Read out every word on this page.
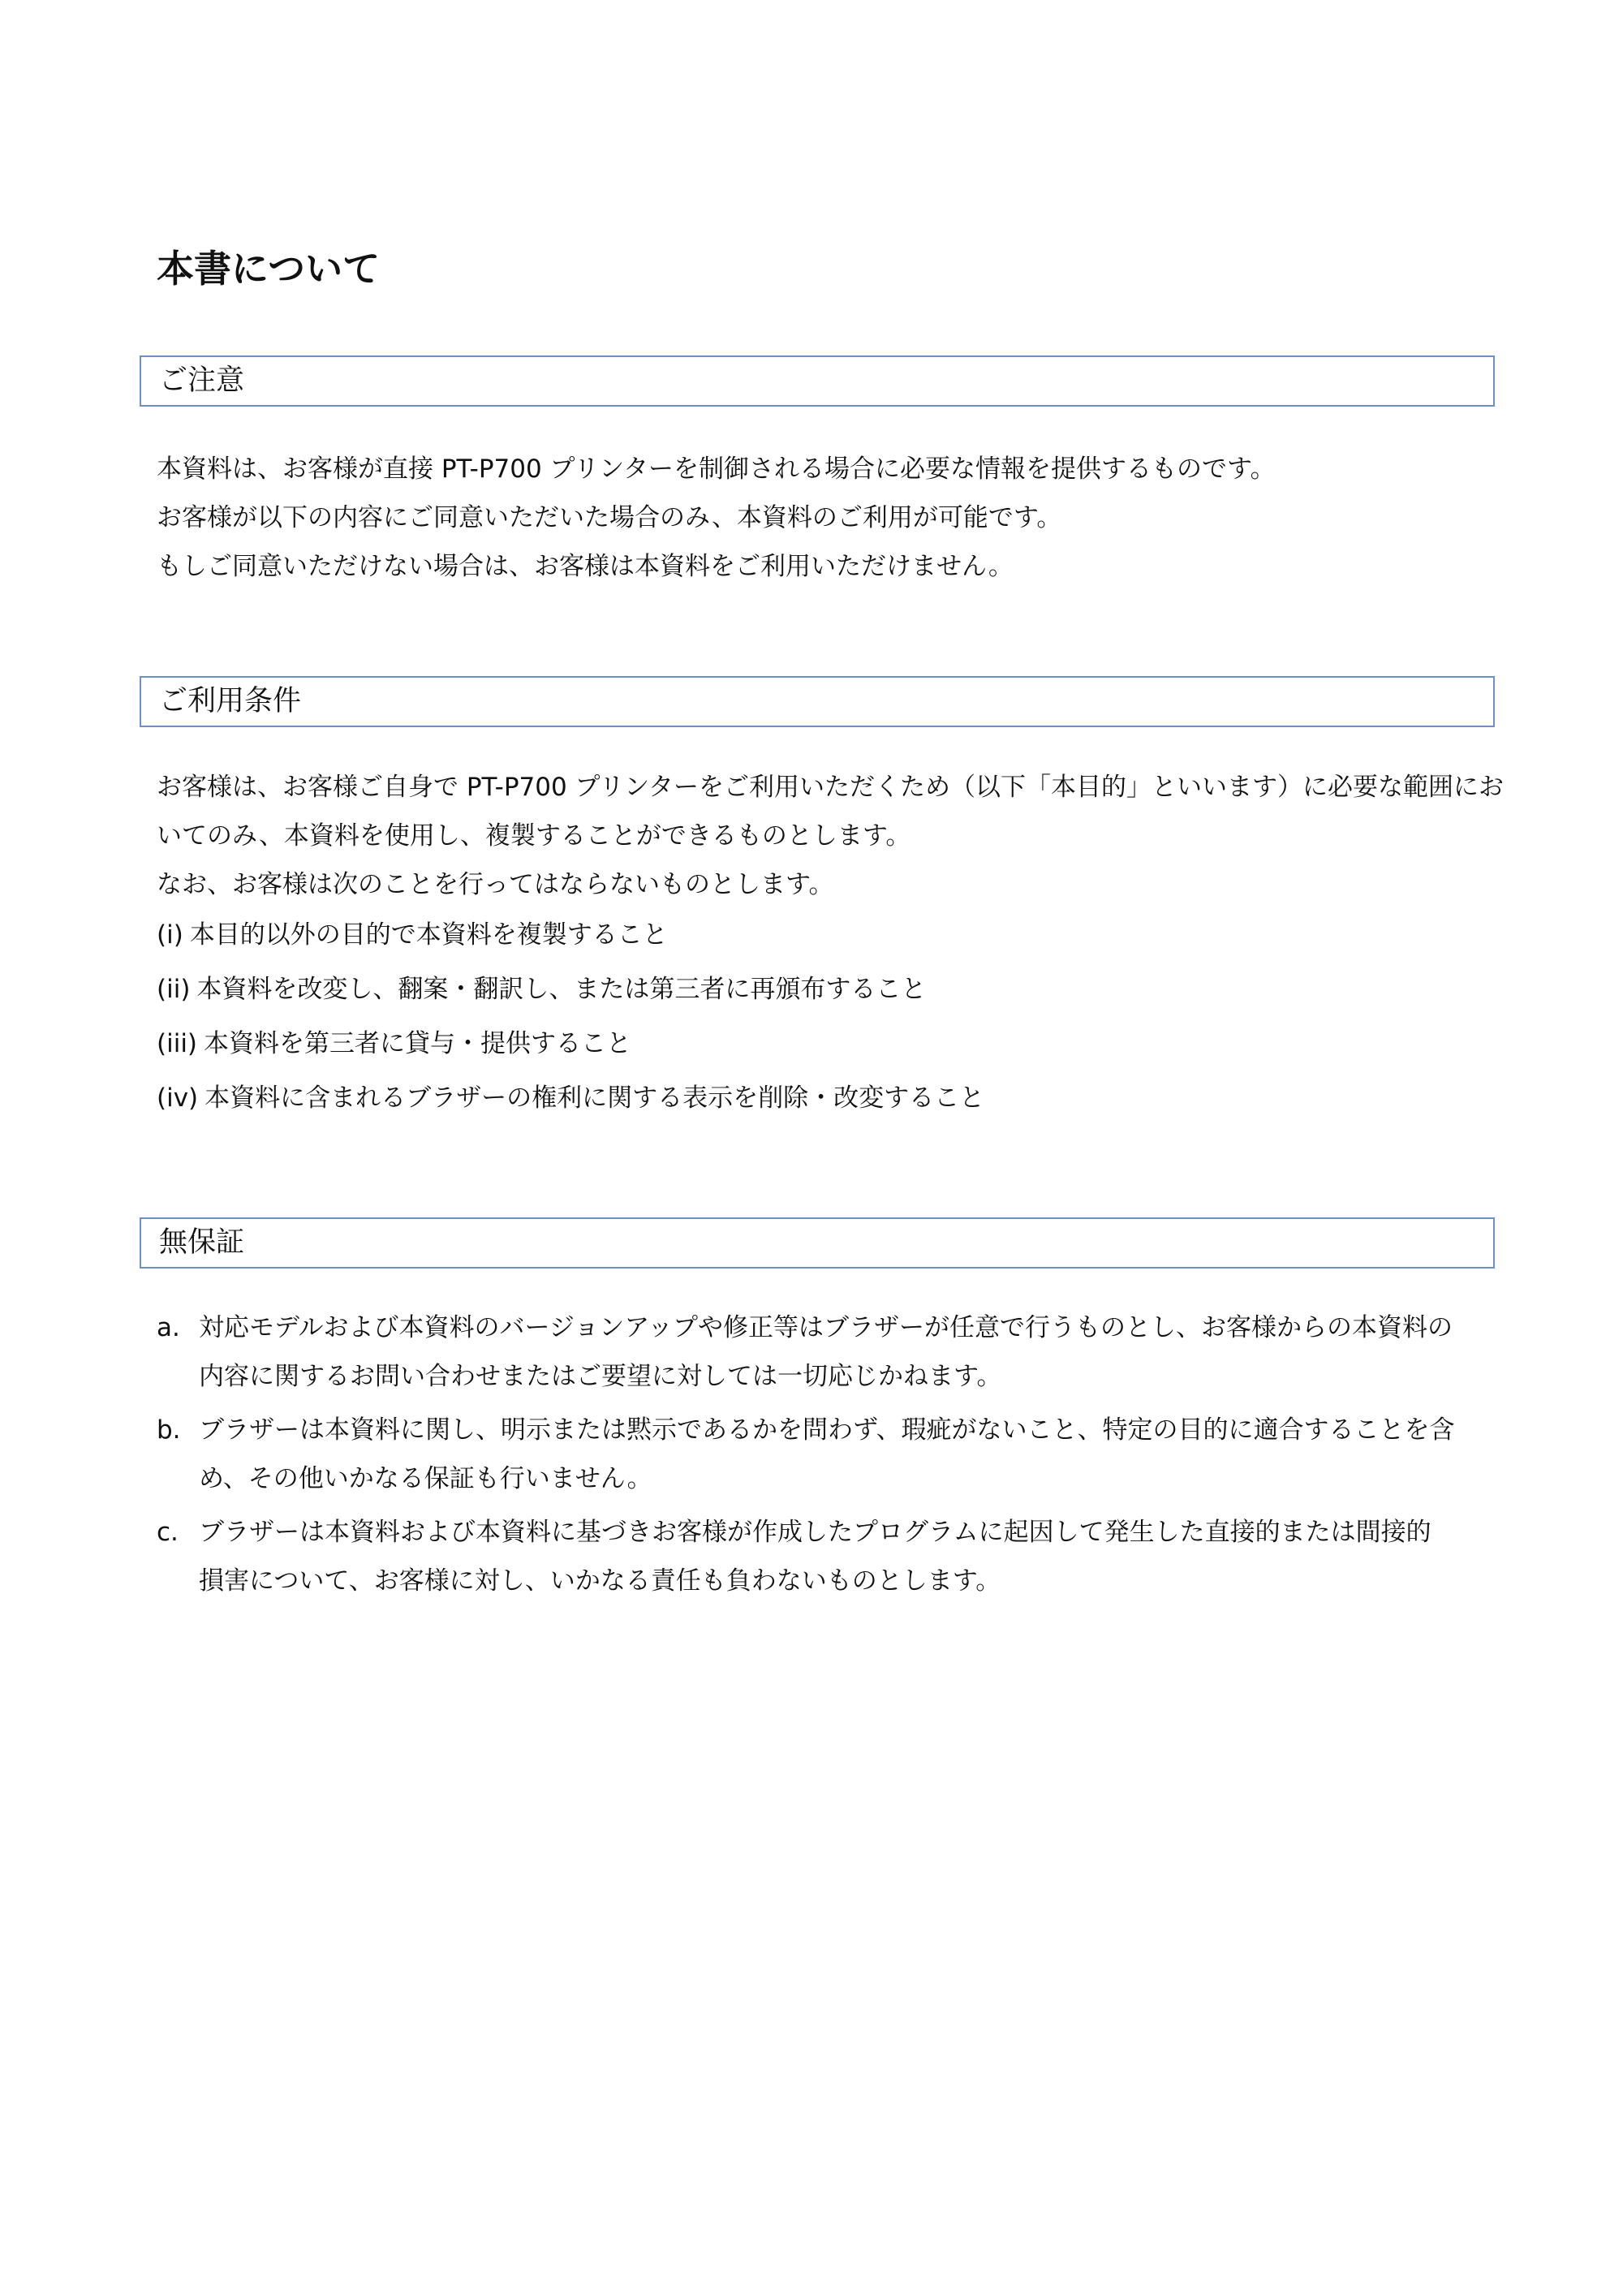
本書について
ご注意
本資料は、お客様が直接 PT-P700 プリンターを制御される場合に必要な情報を提供するものです。
お客様が以下の内容にご同意いただいた場合のみ、本資料のご利用が可能です。
もしご同意いただけない場合は、お客様は本資料をご利用いただけません。
ご利用条件
お客様は、お客様ご自身で PT-P700 プリンターをご利用いただくため（以下「本目的」といいます）に必要な範囲にお
いてのみ、本資料を使用し、複製することができるものとします。
なお、お客様は次のことを行ってはならないものとします。
(i) 本目的以外の目的で本資料を複製すること
(ii) 本資料を改変し、翻案・翻訳し、または第三者に再頒布すること
(iii) 本資料を第三者に貸与・提供すること
(iv) 本資料に含まれるブラザーの権利に関する表示を削除・改変すること
無保証
a. 対応モデルおよび本資料のバージョンアップや修正等はブラザーが任意で行うものとし、お客様からの本資料の
内容に関するお問い合わせまたはご要望に対しては一切応じかねます。
b. ブラザーは本資料に関し、明示または黙示であるかを問わず、瑕疵がないこと、特定の目的に適合することを含
め、その他いかなる保証も行いません。
c. ブラザーは本資料および本資料に基づきお客様が作成したプログラムに起因して発生した直接的または間接的
損害について、お客様に対し、いかなる責任も負わないものとします。
